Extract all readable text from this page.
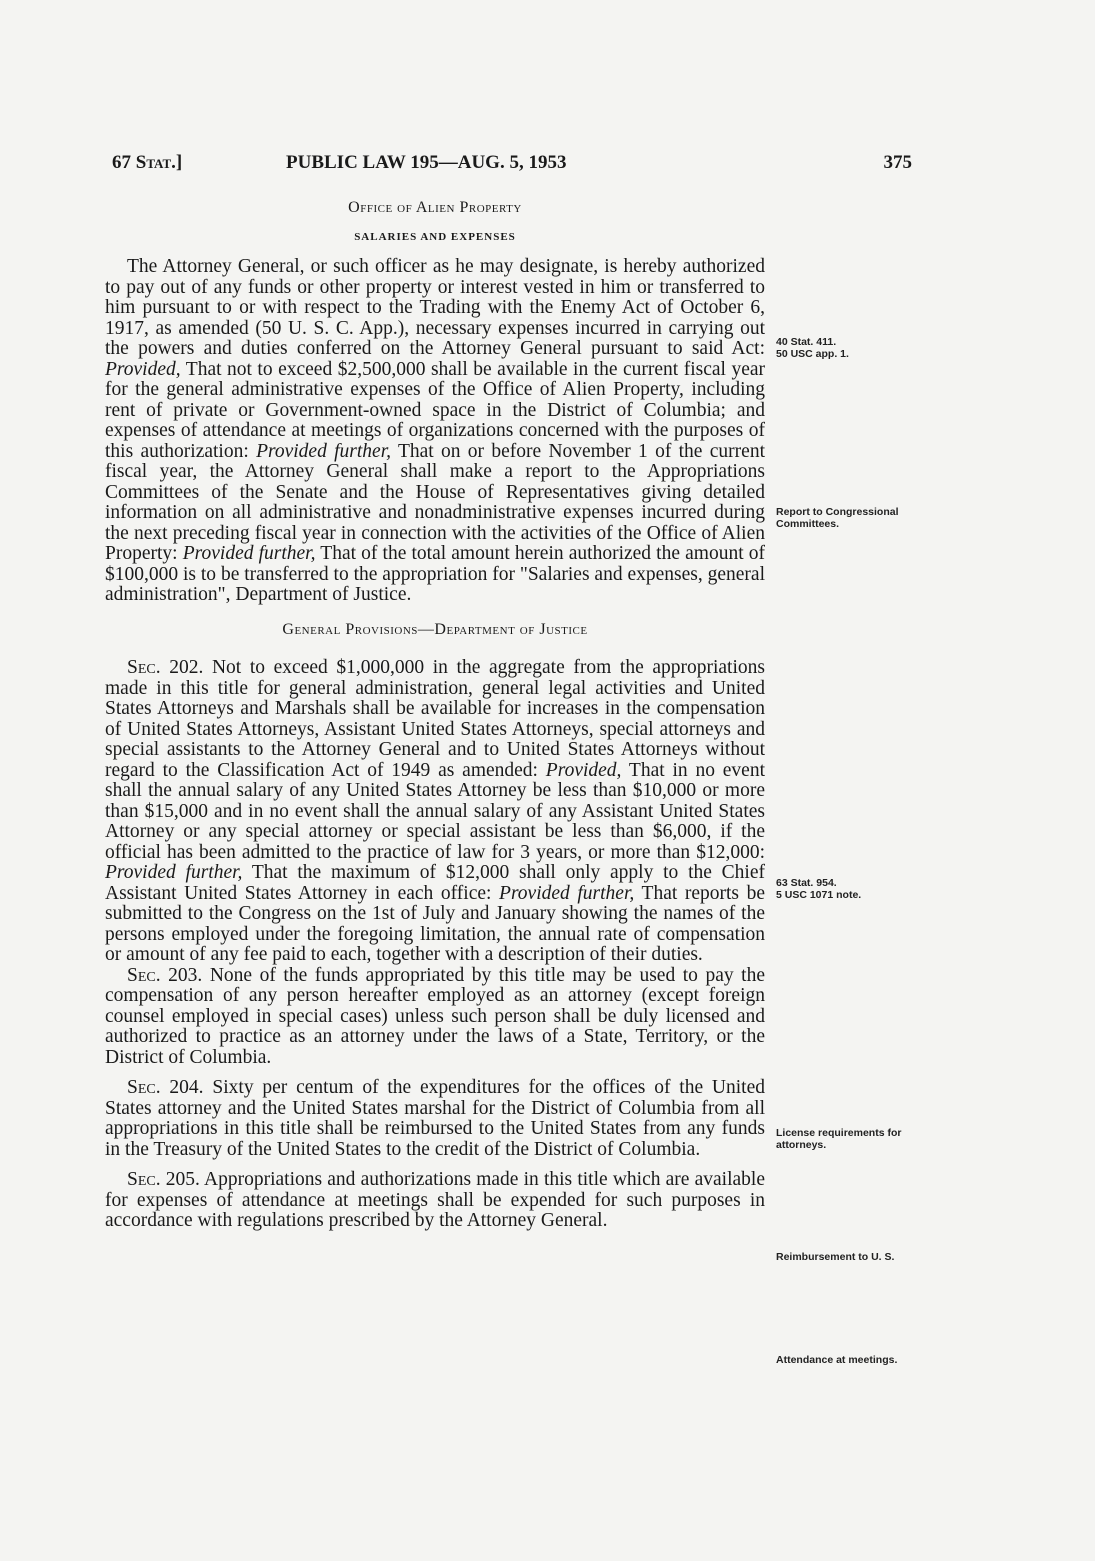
67 Stat.]	PUBLIC LAW 195—AUG. 5, 1953	375
Office of Alien Property
SALARIES AND EXPENSES

The Attorney General, or such officer as he may designate, is hereby authorized to pay out of any funds or other property or interest vested in him or transferred to him pursuant to or with respect to the Trading with the Enemy Act of October 6, 1917, as amended (50 U. S. C. App.), necessary expenses incurred in carrying out the powers and duties conferred on the Attorney General pursuant to said Act: Provided, That not to exceed $2,500,000 shall be available in the current fiscal year for the general administrative expenses of the Office of Alien Property, including rent of private or Government-owned space in the District of Columbia; and expenses of attendance at meetings of organizations concerned with the purposes of this authorization: Provided further, That on or before November 1 of the current fiscal year, the Attorney General shall make a report to the Appropriations Committees of the Senate and the House of Representatives giving detailed information on all administrative and nonadministrative expenses incurred during the next preceding fiscal year in connection with the activities of the Office of Alien Property: Provided further, That of the total amount herein authorized the amount of $100,000 is to be transferred to the appropriation for "Salaries and expenses, general administration", Department of Justice.

General Provisions—Department of Justice

Sec. 202. Not to exceed $1,000,000 in the aggregate from the appropriations made in this title for general administration, general legal activities and United States Attorneys and Marshals shall be available for increases in the compensation of United States Attorneys, Assistant United States Attorneys, special attorneys and special assistants to the Attorney General and to United States Attorneys without regard to the Classification Act of 1949 as amended: Provided, That in no event shall the annual salary of any United States Attorney be less than $10,000 or more than $15,000 and in no event shall the annual salary of any Assistant United States Attorney or any special attorney or special assistant be less than $6,000, if the official has been admitted to the practice of law for 3 years, or more than $12,000: Provided further, That the maximum of $12,000 shall only apply to the Chief Assistant United States Attorney in each office: Provided further, That reports be submitted to the Congress on the 1st of July and January showing the names of the persons employed under the foregoing limitation, the annual rate of compensation or amount of any fee paid to each, together with a description of their duties.

Sec. 203. None of the funds appropriated by this title may be used to pay the compensation of any person hereafter employed as an attorney (except foreign counsel employed in special cases) unless such person shall be duly licensed and authorized to practice as an attorney under the laws of a State, Territory, or the District of Columbia.

Sec. 204. Sixty per centum of the expenditures for the offices of the United States attorney and the United States marshal for the District of Columbia from all appropriations in this title shall be reimbursed to the United States from any funds in the Treasury of the United States to the credit of the District of Columbia.

Sec. 205. Appropriations and authorizations made in this title which are available for expenses of attendance at meetings shall be expended for such purposes in accordance with regulations prescribed by the Attorney General.

40 Stat. 411.
50 USC app. 1.
Report to Congressional Committees.
63 Stat. 954.
5 USC 1071 note.
License requirements for attorneys.
Reimbursement to U. S.
Attendance at meetings.
